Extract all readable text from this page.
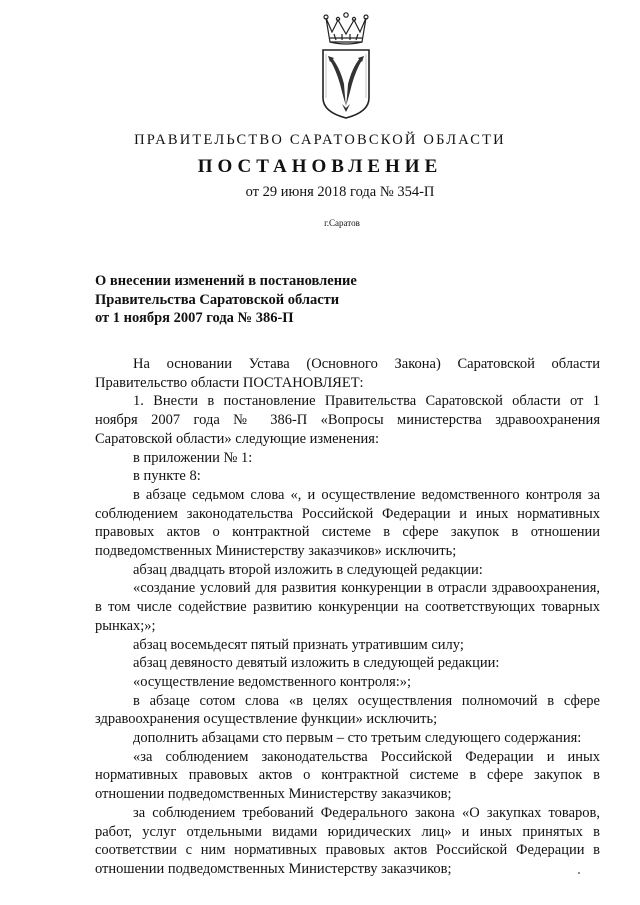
ПРАВИТЕЛЬСТВО САРАТОВСКОЙ ОБЛАСТИ
ПОСТАНОВЛЕНИЕ
от 29 июня 2018 года № 354-П
г.Саратов
О внесении изменений в постановление
Правительства Саратовской области
от 1 ноября 2007 года № 386-П

На основании Устава (Основного Закона) Саратовской области Правительство области ПОСТАНОВЛЯЕТ:

1. Внести в постановление Правительства Саратовской области от 1 ноября 2007 года № 386-П «Вопросы министерства здравоохранения Саратовской области» следующие изменения:

в приложении № 1:

в пункте 8:

в абзаце седьмом слова «, и осуществление ведомственного контроля за соблюдением законодательства Российской Федерации и иных нормативных правовых актов о контрактной системе в сфере закупок в отношении подведомственных Министерству заказчиков» исключить;

абзац двадцать второй изложить в следующей редакции:

«создание условий для развития конкуренции в отрасли здравоохранения, в том числе содействие развитию конкуренции на соответствующих товарных рынках;»;

абзац восемьдесят пятый признать утратившим силу;

абзац девяносто девятый изложить в следующей редакции:

«осуществление ведомственного контроля:»;

в абзаце сотом слова «в целях осуществления полномочий в сфере здравоохранения осуществление функции» исключить;

дополнить абзацами сто первым – сто третьим следующего содержания:

«за соблюдением законодательства Российской Федерации и иных нормативных правовых актов о контрактной системе в сфере закупок в отношении подведомственных Министерству заказчиков;

за соблюдением требований Федерального закона «О закупках товаров, работ, услуг отдельными видами юридических лиц» и иных принятых в соответствии с ним нормативных правовых актов Российской Федерации в отношении подведомственных Министерству заказчиков;
